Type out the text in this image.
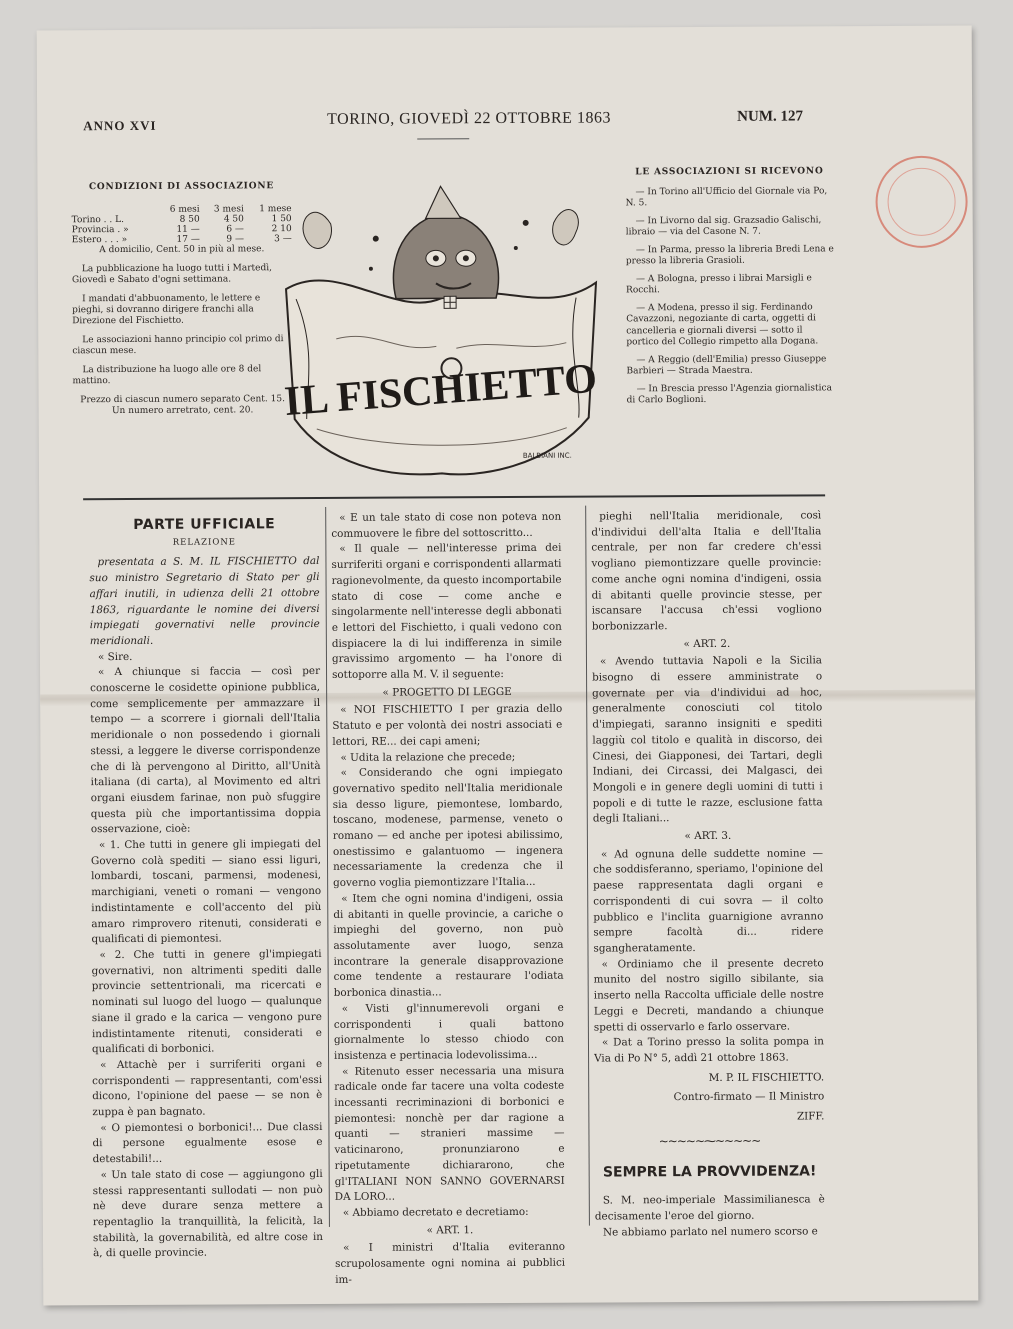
ANNO XVI	TORINO, GIOVEDÌ 22 OTTOBRE 1863	NUM. 127
CONDIZIONI DI ASSOCIAZIONE
	6 mesi	3 mesi	1 mese
Torino . . L.	8 50	4 50	1 50
Provincia . »	11 —	6 —	2 10
Estero . . . »	17 —	9 —	3 —
A domicilio, Cent. 50 in più al mese.

La pubblicazione ha luogo tutti i Martedì, Giovedì e Sabato d'ogni settimana.

I mandati d'abbuonamento, le lettere e pieghi, si dovranno dirigere franchi alla Direzione del Fischietto.

Le associazioni hanno principio col primo di ciascun mese.

La distribuzione ha luogo alle ore 8 del mattino.

Prezzo di ciascun numero separato Cent. 15.
Un numero arretrato, cent. 20. IL FISCHIETTO
BALBIANI INC.
LE ASSOCIAZIONI SI RICEVONO

— In Torino all'Ufficio del Giornale via Po, N. 5.

— In Livorno dal sig. Grazsadio Galischi, libraio — via del Casone N. 7.

— In Parma, presso la libreria Bredi Lena e presso la libreria Grasioli.

— A Bologna, presso i librai Marsigli e Rocchi.

— A Modena, presso il sig. Ferdinando Cavazzoni, negoziante di carta, oggetti di cancelleria e giornali diversi — sotto il portico del Collegio rimpetto alla Dogana.

— A Reggio (dell'Emilia) presso Giuseppe Barbieri — Strada Maestra.

— In Brescia presso l'Agenzia giornalistica di Carlo Boglioni.

PARTE UFFICIALE
RELAZIONE

presentata a S. M. IL FISCHIETTO dal suo ministro Segretario di Stato per gli affari inutili, in udienza delli 21 ottobre 1863, riguardante le nomine dei diversi impiegati governativi nelle provincie meridionali.

« Sire.

« A chiunque si faccia — così per conoscerne le cosidette opinione pubblica, come semplicemente per ammazzare il tempo — a scorrere i giornali dell'Italia meridionale o non possedendo i giornali stessi, a leggere le diverse corrispondenze che di là pervengono al Diritto, all'Unità italiana (di carta), al Movimento ed altri organi eiusdem farinae, non può sfuggire questa più che importantissima doppia osservazione, cioè:

« 1. Che tutti in genere gli impiegati del Governo colà spediti — siano essi liguri, lombardi, toscani, parmensi, modenesi, marchigiani, veneti o romani — vengono indistintamente e coll'accento del più amaro rimprovero ritenuti, considerati e qualificati di piemontesi.

« 2. Che tutti in genere gl'impiegati governativi, non altrimenti spediti dalle provincie settentrionali, ma ricercati e nominati sul luogo del luogo — qualunque siane il grado e la carica — vengono pure indistintamente ritenuti, considerati e qualificati di borbonici.

« Attachè per i surriferiti organi e corrispondenti — rappresentanti, com'essi dicono, l'opinione del paese — se non è zuppa è pan bagnato.

« O piemontesi o borbonici!... Due classi di persone egualmente esose e detestabili!...

« Un tale stato di cose — aggiungono gli stessi rappresentanti sullodati — non può nè deve durare senza mettere a repentaglio la tranquillità, la felicità, la stabilità, la governabilità, ed altre cose in à, di quelle provincie.

« E un tale stato di cose non poteva non commuovere le fibre del sottoscritto...

« Il quale — nell'interesse prima dei surriferiti organi e corrispondenti allarmati ragionevolmente, da questo incomportabile stato di cose — come anche e singolarmente nell'interesse degli abbonati e lettori del Fischietto, i quali vedono con dispiacere la di lui indifferenza in simile gravissimo argomento — ha l'onore di sottoporre alla M. V. il seguente:

« PROGETTO DI LEGGE

« NOI FISCHIETTO I per grazia dello Statuto e per volontà dei nostri associati e lettori, RE... dei capi ameni;

« Udita la relazione che precede;

« Considerando che ogni impiegato governativo spedito nell'Italia meridionale sia desso ligure, piemontese, lombardo, toscano, modenese, parmense, veneto o romano — ed anche per ipotesi abilissimo, onestissimo e galantuomo — ingenera necessariamente la credenza che il governo voglia piemontizzare l'Italia...

« Item che ogni nomina d'indigeni, ossia di abitanti in quelle provincie, a cariche o impieghi del governo, non può assolutamente aver luogo, senza incontrare la generale disapprovazione come tendente a restaurare l'odiata borbonica dinastia...

« Visti gl'innumerevoli organi e corrispondenti i quali battono giornalmente lo stesso chiodo con insistenza e pertinacia lodevolissima...

« Ritenuto esser necessaria una misura radicale onde far tacere una volta codeste incessanti recriminazioni di borbonici e piemontesi: nonchè per dar ragione a quanti — stranieri massime — vaticinarono, pronunziarono e ripetutamente dichiararono, che gl'ITALIANI NON SANNO GOVERNARSI DA LORO...

« Abbiamo decretato e decretiamo:

« ART. 1.

« I ministri d'Italia eviteranno scrupolosamente ogni nomina ai pubblici im-

pieghi nell'Italia meridionale, così d'individui dell'alta Italia e dell'Italia centrale, per non far credere ch'essi vogliano piemontizzare quelle provincie: come anche ogni nomina d'indigeni, ossia di abitanti quelle provincie stesse, per iscansare l'accusa ch'essi vogliono borbonizzarle.

« ART. 2.

« Avendo tuttavia Napoli e la Sicilia bisogno di essere amministrate o governate per via d'individui ad hoc, generalmente conosciuti col titolo d'impiegati, saranno insigniti e spediti laggiù col titolo e qualità in discorso, dei Cinesi, dei Giapponesi, dei Tartari, degli Indiani, dei Circassi, dei Malgasci, dei Mongoli e in genere degli uomini di tutti i popoli e di tutte le razze, esclusione fatta degli Italiani...

« ART. 3.

« Ad ognuna delle suddette nomine — che soddisferanno, speriamo, l'opinione del paese rappresentata dagli organi e corrispondenti di cui sovra — il colto pubblico e l'inclita guarnigione avranno sempre facoltà di... ridere sgangheratamente.

« Ordiniamo che il presente decreto munito del nostro sigillo sibilante, sia inserto nella Raccolta ufficiale delle nostre Leggi e Decreti, mandando a chiunque spetti di osservarlo e farlo osservare.

« Dat a Torino presso la solita pompa in Via di Po N° 5, addì 21 ottobre 1863.

M. P. IL FISCHIETTO.
Contro-firmato — Il Ministro
ZIFF.
~~~~~⁓~~~~~
SEMPRE LA PROVVIDENZA!

S. M. neo-imperiale Massimilianesca è decisamente l'eroe del giorno.

Ne abbiamo parlato nel numero scorso e
